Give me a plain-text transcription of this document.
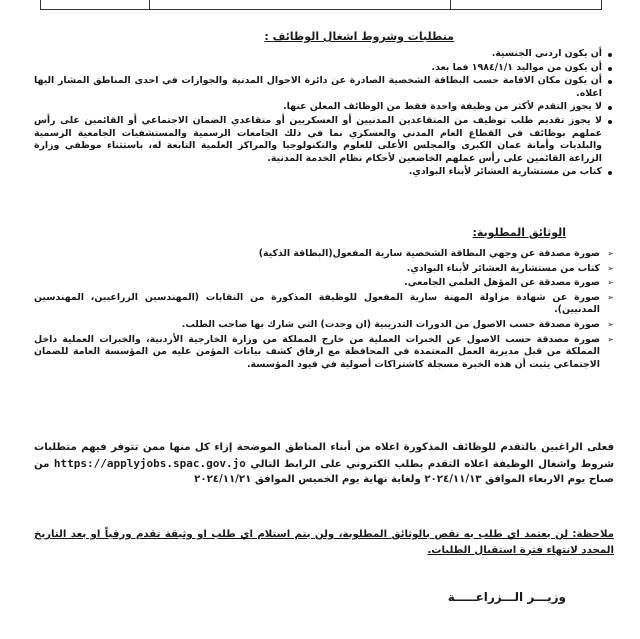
متطلبات وشروط اشغال الوظائف :
أن يكون اردني الجنسية.
أن يكون من مواليد ١٩٨٤/١/١ فما بعد.
أن يكون مكان الاقامة حسب البطاقة الشخصية الصادرة عن دائرة الاحوال المدنية والجوازات في احدى المناطق المشار اليها اعلاه.
لا يجوز التقدم لأكثر من وظيفة واحدة فقط من الوظائف المعلن عنها.
لا يجوز تقديم طلب توظيف من المتقاعدين المدنيين أو العسكريين أو متقاعدي الضمان الاجتماعي أو القائمين على رأس عملهم بوظائف في القطاع العام المدني والعسكري بما في ذلك الجامعات الرسمية والمستشفيات الجامعية الرسمية والبلديات وأمانة عمان الكبرى والمجلس الأعلى للعلوم والتكنولوجيا والمراكز العلمية التابعة له، باستثناء موظفي وزارة الزراعة القائمين على رأس عملهم الخاضعين لأحكام نظام الخدمة المدنية.
كتاب من مستشارية العشائر لأبناء البوادي.
الوثائق المطلوبة:
➢ صورة مصدقة عن وجهي البطاقة الشخصية سارية المفعول(البطاقة الذكية)
➢ كتاب من مستشارية العشائر لأبناء البوادي.
➢ صورة مصدقة عن المؤهل العلمي الجامعي.
➢ صورة عن شهادة مزاولة المهنة سارية المفعول للوظيفة المذكورة من النقابات (المهندسين الزراعيين، المهندسين المدنيين).
➢ صورة مصدقة حسب الاصول من الدورات التدريبية (ان وجدت) التي شارك بها صاحب الطلب.
➢ صورة مصدقة حسب الاصول عن الخبرات العملية من خارج المملكة من وزارة الخارجية الأردنية، والخبرات العملية داخل المملكة من قبل مديرية العمل المعتمدة في المحافظة مع ارفاق كشف بيانات المؤمن عليه من المؤسسة العامة للضمان الاجتماعي يثبت أن هذه الخبرة مسجلة كاشتراكات أصولية في قيود المؤسسة.
فعلى الراغبين بالتقدم للوظائف المذكورة اعلاه من أبناء المناطق الموضحة إزاء كل منها ممن تتوفر فيهم متطلبات شروط واشغال الوظيفة اعلاه التقدم بطلب الكتروني على الرابط التالي https://applyjobs.spac.gov.jo من صباح يوم الاربعاء الموافق ٢٠٢٤/١١/١٣ ولغاية نهاية يوم الخميس الموافق ٢٠٢٤/١١/٢١
ملاحظة: لن يعتمد اي طلب به نقص بالوثائق المطلوبة، ولن يتم استلام اي طلب او وثيقة تقدم ورقياً او بعد التاريخ المحدد لانتهاء فترة استقبال الطلبات.
وزيـــر الـــزراعـــــة
